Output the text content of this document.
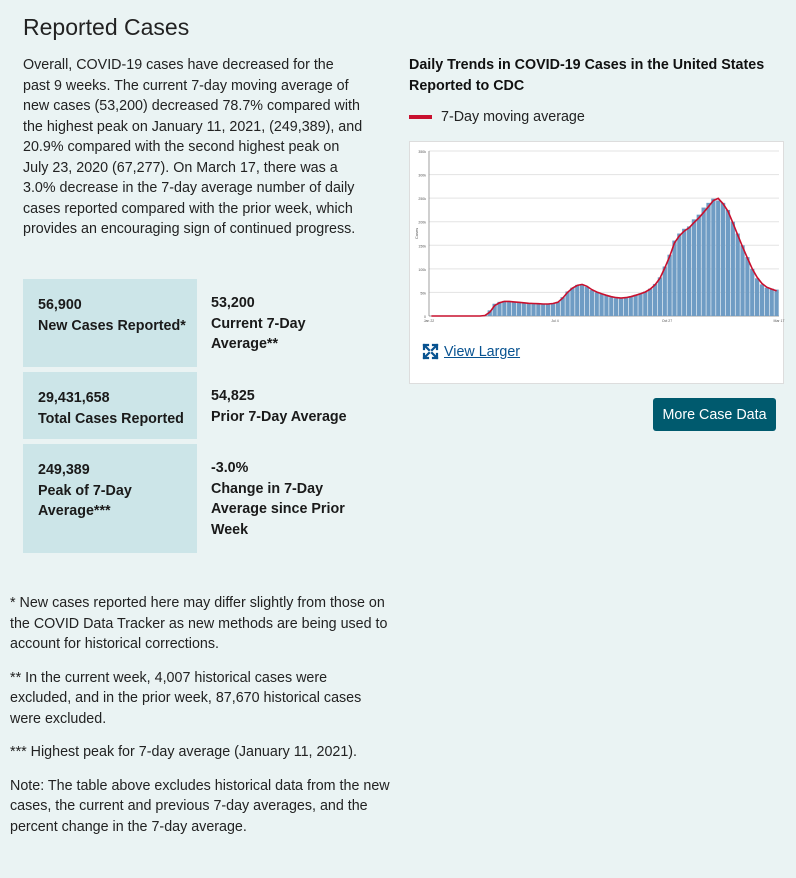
Reported Cases
Overall, COVID-19 cases have decreased for the past 9 weeks. The current 7-day moving average of new cases (53,200) decreased 78.7% compared with the highest peak on January 11, 2021, (249,389), and 20.9% compared with the second highest peak on July 23, 2020 (67,277). On March 17, there was a 3.0% decrease in the 7-day average number of daily cases reported compared with the prior week, which provides an encouraging sign of continued progress.
56,900
New Cases Reported*
53,200
Current 7-Day Average**
29,431,658
Total Cases Reported
54,825
Prior 7-Day Average
249,389
Peak of 7-Day Average***
-3.0%
Change in 7-Day Average since Prior Week

* New cases reported here may differ slightly from those on the COVID Data Tracker as new methods are being used to account for historical corrections.

** In the current week, 4,007 historical cases were excluded, and in the prior week, 87,670 historical cases were excluded.

*** Highest peak for 7-day average (January 11, 2021).

Note: The table above excludes historical data from the new cases, the current and previous 7-day averages, and the percent change in the 7-day average.

Daily Trends in COVID-19 Cases in the United States Reported to CDC
7-Day moving average
350k
300k
250k
200k
150k
100k
50k
0
Cases
Jan 22	Jul 4	Oct 27	Mar 17
View Larger
More Case Data
